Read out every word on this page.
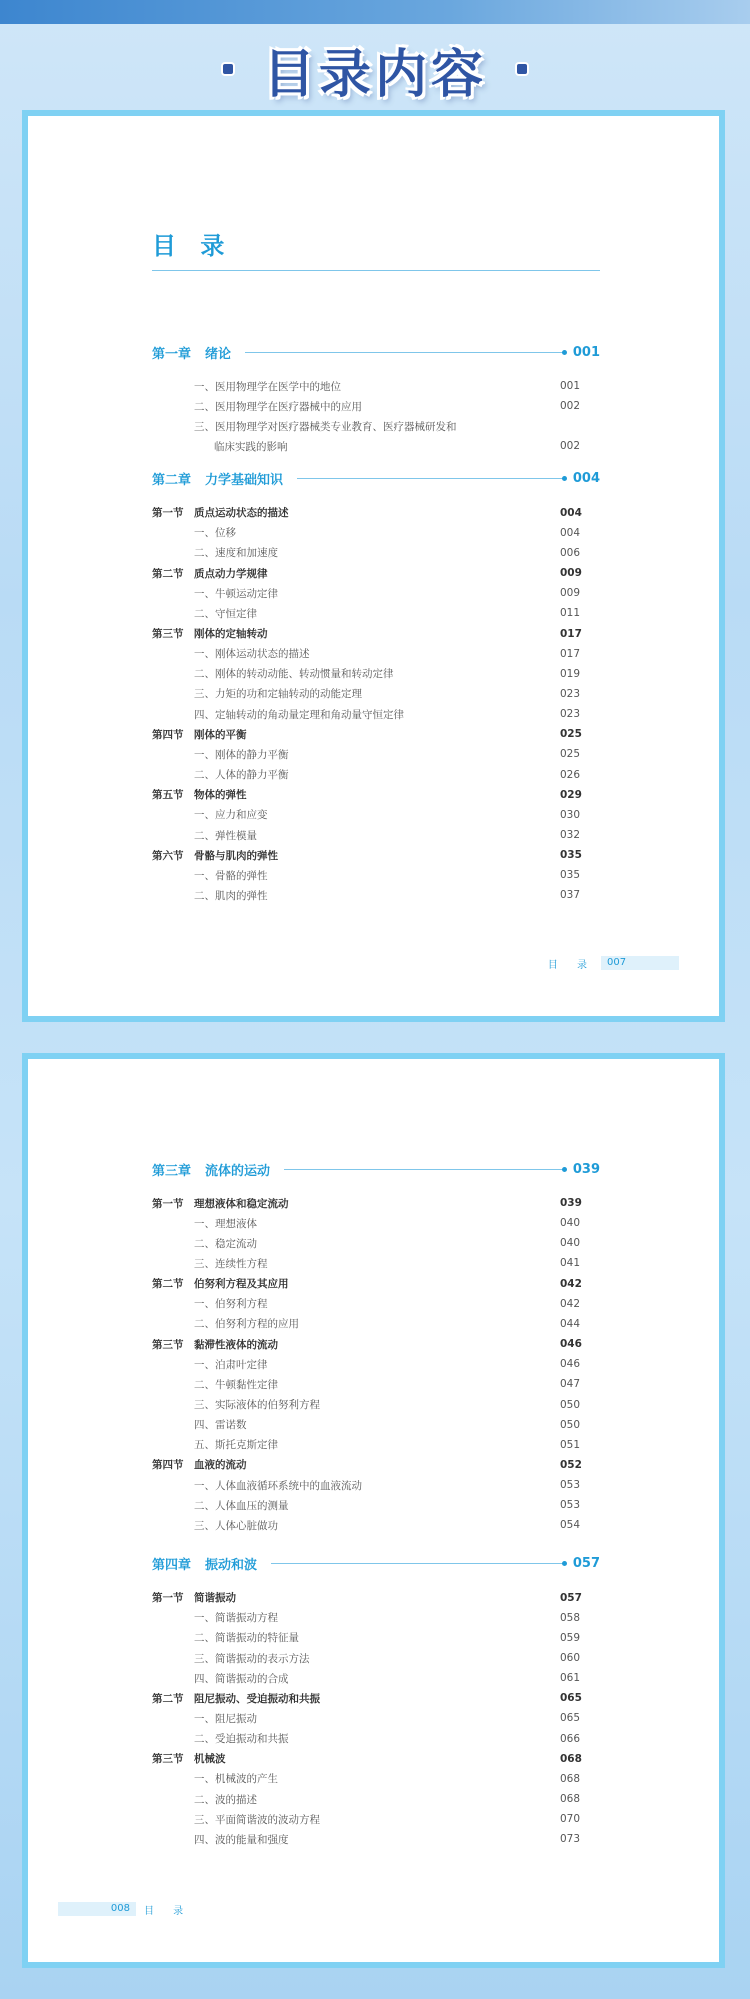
目录内容
目 录
目 录	007
第一章 绪论	001
一、医用物理学在医学中的地位	001
二、医用物理学在医疗器械中的应用	002
三、医用物理学对医疗器械类专业教育、医疗器械研发和
临床实践的影响	002
第二章 力学基础知识	004
第一节	质点运动状态的描述	004
一、位移	004
二、速度和加速度	006
第二节	质点动力学规律	009
一、牛顿运动定律	009
二、守恒定律	011
第三节	刚体的定轴转动	017
一、刚体运动状态的描述	017
二、刚体的转动动能、转动惯量和转动定律	019
三、力矩的功和定轴转动的动能定理	023
四、定轴转动的角动量定理和角动量守恒定律	023
第四节	刚体的平衡	025
一、刚体的静力平衡	025
二、人体的静力平衡	026
第五节	物体的弹性	029
一、应力和应变	030
二、弹性模量	032
第六节	骨骼与肌肉的弹性	035
一、骨骼的弹性	035
二、肌肉的弹性	037
008	目 录
第三章 流体的运动	039
第一节	理想液体和稳定流动	039
一、理想液体	040
二、稳定流动	040
三、连续性方程	041
第二节	伯努利方程及其应用	042
一、伯努利方程	042
二、伯努利方程的应用	044
第三节	黏滞性液体的流动	046
一、泊肃叶定律	046
二、牛顿黏性定律	047
三、实际液体的伯努利方程	050
四、雷诺数	050
五、斯托克斯定律	051
第四节	血液的流动	052
一、人体血液循环系统中的血液流动	053
二、人体血压的测量	053
三、人体心脏做功	054
第四章 振动和波	057
第一节	简谐振动	057
一、简谐振动方程	058
二、简谐振动的特征量	059
三、简谐振动的表示方法	060
四、简谐振动的合成	061
第二节	阻尼振动、受迫振动和共振	065
一、阻尼振动	065
二、受迫振动和共振	066
第三节	机械波	068
一、机械波的产生	068
二、波的描述	068
三、平面简谐波的波动方程	070
四、波的能量和强度	073
